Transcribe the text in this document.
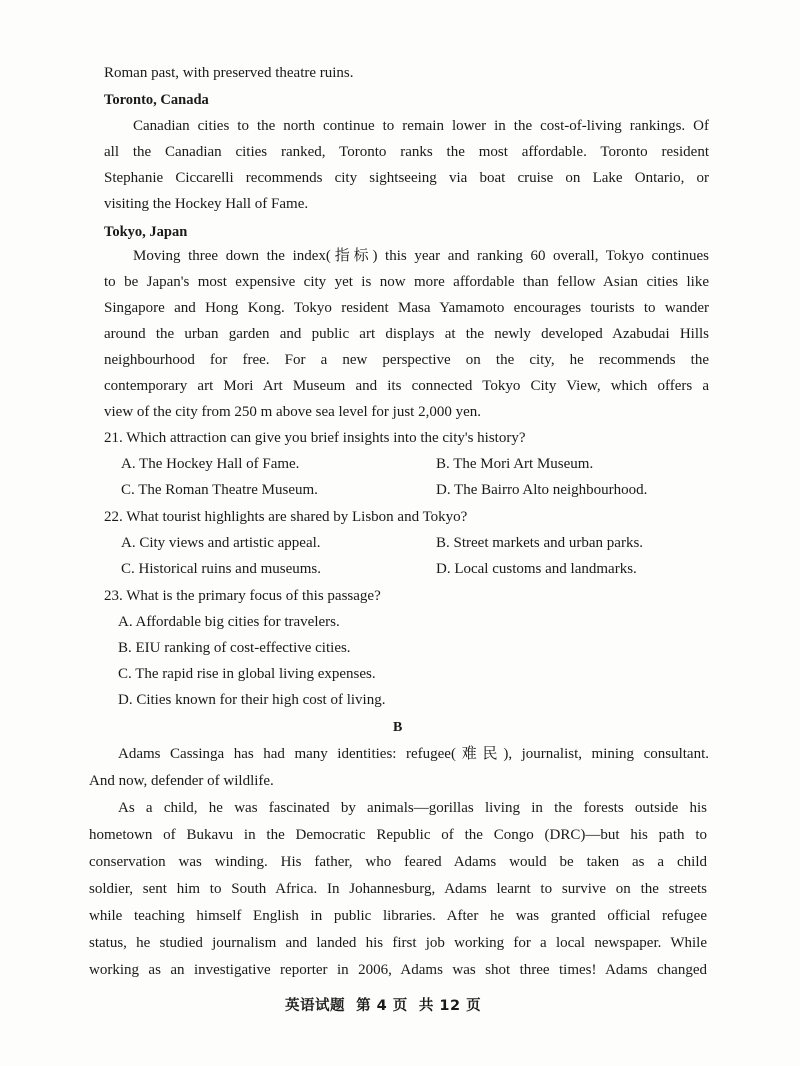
Roman past, with preserved theatre ruins.
Toronto, Canada
Canadian cities to the north continue to remain lower in the cost-of-living rankings. Of
all the Canadian cities ranked, Toronto ranks the most affordable. Toronto resident
Stephanie Ciccarelli recommends city sightseeing via boat cruise on Lake Ontario, or
visiting the Hockey Hall of Fame.
Tokyo, Japan
Moving three down the index(指标) this year and ranking 60 overall, Tokyo continues
to be Japan's most expensive city yet is now more affordable than fellow Asian cities like
Singapore and Hong Kong. Tokyo resident Masa Yamamoto encourages tourists to wander
around the urban garden and public art displays at the newly developed Azabudai Hills
neighbourhood for free. For a new perspective on the city, he recommends the
contemporary art Mori Art Museum and its connected Tokyo City View, which offers a
view of the city from 250 m above sea level for just 2,000 yen.
21. Which attraction can give you brief insights into the city's history?
A. The Hockey Hall of Fame.	B. The Mori Art Museum.
C. The Roman Theatre Museum.	D. The Bairro Alto neighbourhood.
22. What tourist highlights are shared by Lisbon and Tokyo?
A. City views and artistic appeal.	B. Street markets and urban parks.
C. Historical ruins and museums.	D. Local customs and landmarks.
23. What is the primary focus of this passage?
A. Affordable big cities for travelers.
B. EIU ranking of cost-effective cities.
C. The rapid rise in global living expenses.
D. Cities known for their high cost of living.
B
Adams Cassinga has had many identities: refugee(难民), journalist, mining consultant.
And now, defender of wildlife.
As a child, he was fascinated by animals—gorillas living in the forests outside his
hometown of Bukavu in the Democratic Republic of the Congo (DRC)—but his path to
conservation was winding. His father, who feared Adams would be taken as a child
soldier, sent him to South Africa. In Johannesburg, Adams learnt to survive on the streets
while teaching himself English in public libraries. After he was granted official refugee
status, he studied journalism and landed his first job working for a local newspaper. While
working as an investigative reporter in 2006, Adams was shot three times! Adams changed
英语试题  第 4 页  共 12 页
